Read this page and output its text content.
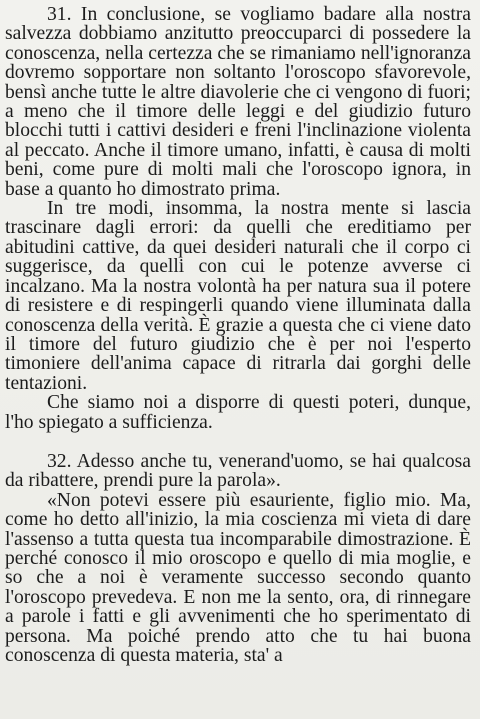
31. In conclusione, se vogliamo badare alla nostra salvezza dobbiamo anzitutto preoccuparci di possedere la conoscenza, nella certezza che se rimaniamo nell'ignoranza dovremo sopportare non soltanto l'oroscopo sfavorevole, bensì anche tutte le altre diavolerie che ci vengono di fuori; a meno che il timore delle leggi e del giudizio futuro blocchi tutti i cattivi desideri e freni l'inclinazione violenta al peccato. Anche il timore umano, infatti, è causa di molti beni, come pure di molti mali che l'oroscopo ignora, in base a quanto ho dimostrato prima.

In tre modi, insomma, la nostra mente si lascia trascinare dagli errori: da quelli che ereditiamo per abitudini cattive, da quei desideri naturali che il corpo ci suggerisce, da quelli con cui le potenze avverse ci incalzano. Ma la nostra volontà ha per natura sua il potere di resistere e di respingerli quando viene illuminata dalla conoscenza della verità. È grazie a questa che ci viene dato il timore del futuro giudizio che è per noi l'esperto timoniere dell'anima capace di ritrarla dai gorghi delle tentazioni.

Che siamo noi a disporre di questi poteri, dunque, l'ho spiegato a sufficienza.

32. Adesso anche tu, venerand'uomo, se hai qualcosa da ribattere, prendi pure la parola».

«Non potevi essere più esauriente, figlio mio. Ma, come ho detto all'inizio, la mia coscienza mi vieta di dare l'assenso a tutta questa tua incomparabile dimostrazione. È perché conosco il mio oroscopo e quello di mia moglie, e so che a noi è veramente successo secondo quanto l'oroscopo prevedeva. E non me la sento, ora, di rinnegare a parole i fatti e gli avvenimenti che ho sperimentato di persona. Ma poiché prendo atto che tu hai buona conoscenza di questa materia, sta' a
